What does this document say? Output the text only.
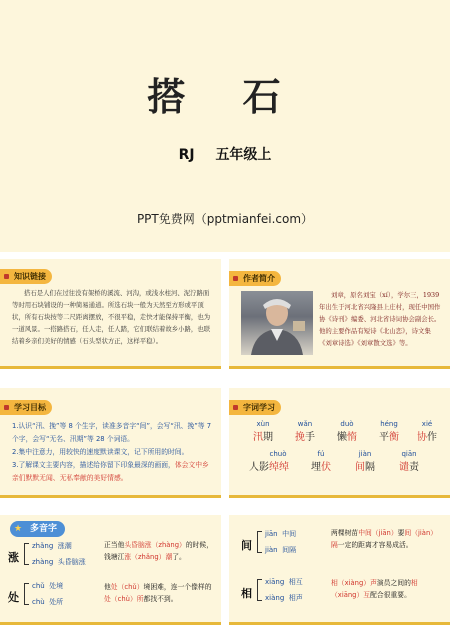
搭 石
RJ 五年级上
PPT免费网（pptmianfei.com）
知识链接
搭石是人们在过往没有架桥的溪流、河沟，或浅水柱河、泥泞路面等时用石块铺设的一种简易通道。所选石块一般为天然至方形或平顶状，所有石块按等二尺距离摆放，不很平稳，走快才能保持平衡，也为一道风景。一搭路搭石，任人走，任人踏，它们联结着故乡小路，也联结着乡亲们美好的情感（石头型状方正，这样平稳）。
作者简介
刘章，原名刘宝（xí），学尔三，1939年出生于河北省兴隆县上庄村，现任中国作协《诗刊》编委、河北省诗词协会副会长。他的主要作品有短诗《北山恋》，诗文集《刘章诗选》《刘章散文选》等。
学习目标
1.认识“汛、挽”等 8 个生字，读准多音字“间”，会写“汛、挽”等 7 个字，会写“无名、汛期”等 28 个词语。
2.集中注意力，用较快的速度默读课文，记下所用的时间。
3.了解课文主要内容，描述给你留下印象最深的画面，体会文中乡亲们默默无闻、无私奉献的美好情感。
字词学习
xùn
汛期
wǎn
挽手
duò
懒惰
héng
平衡
xié
协作
chuò
人影绰绰
fú
埋伏
jiàn
间隔
qiān
谴责
★ 多音字
涨
zhǎng 涨潮
zhàng 头昏脑涨
正当他头昏脑涨（zhàng）的时候，钱塘江涨（zhǎng）潮了。
处
chǔ 处境
chù 处所
他处（chǔ）境困难，连一个像样的处（chù）所都找不到。
间
jiān 中间
jiàn 间隔
两棵树苗中间（jiān）要间（jiàn）隔一定的距离才容易成活。
相
xiāng 相互
xiàng 相声
相（xiàng）声演员之间的相（xiāng）互配合很重要。
